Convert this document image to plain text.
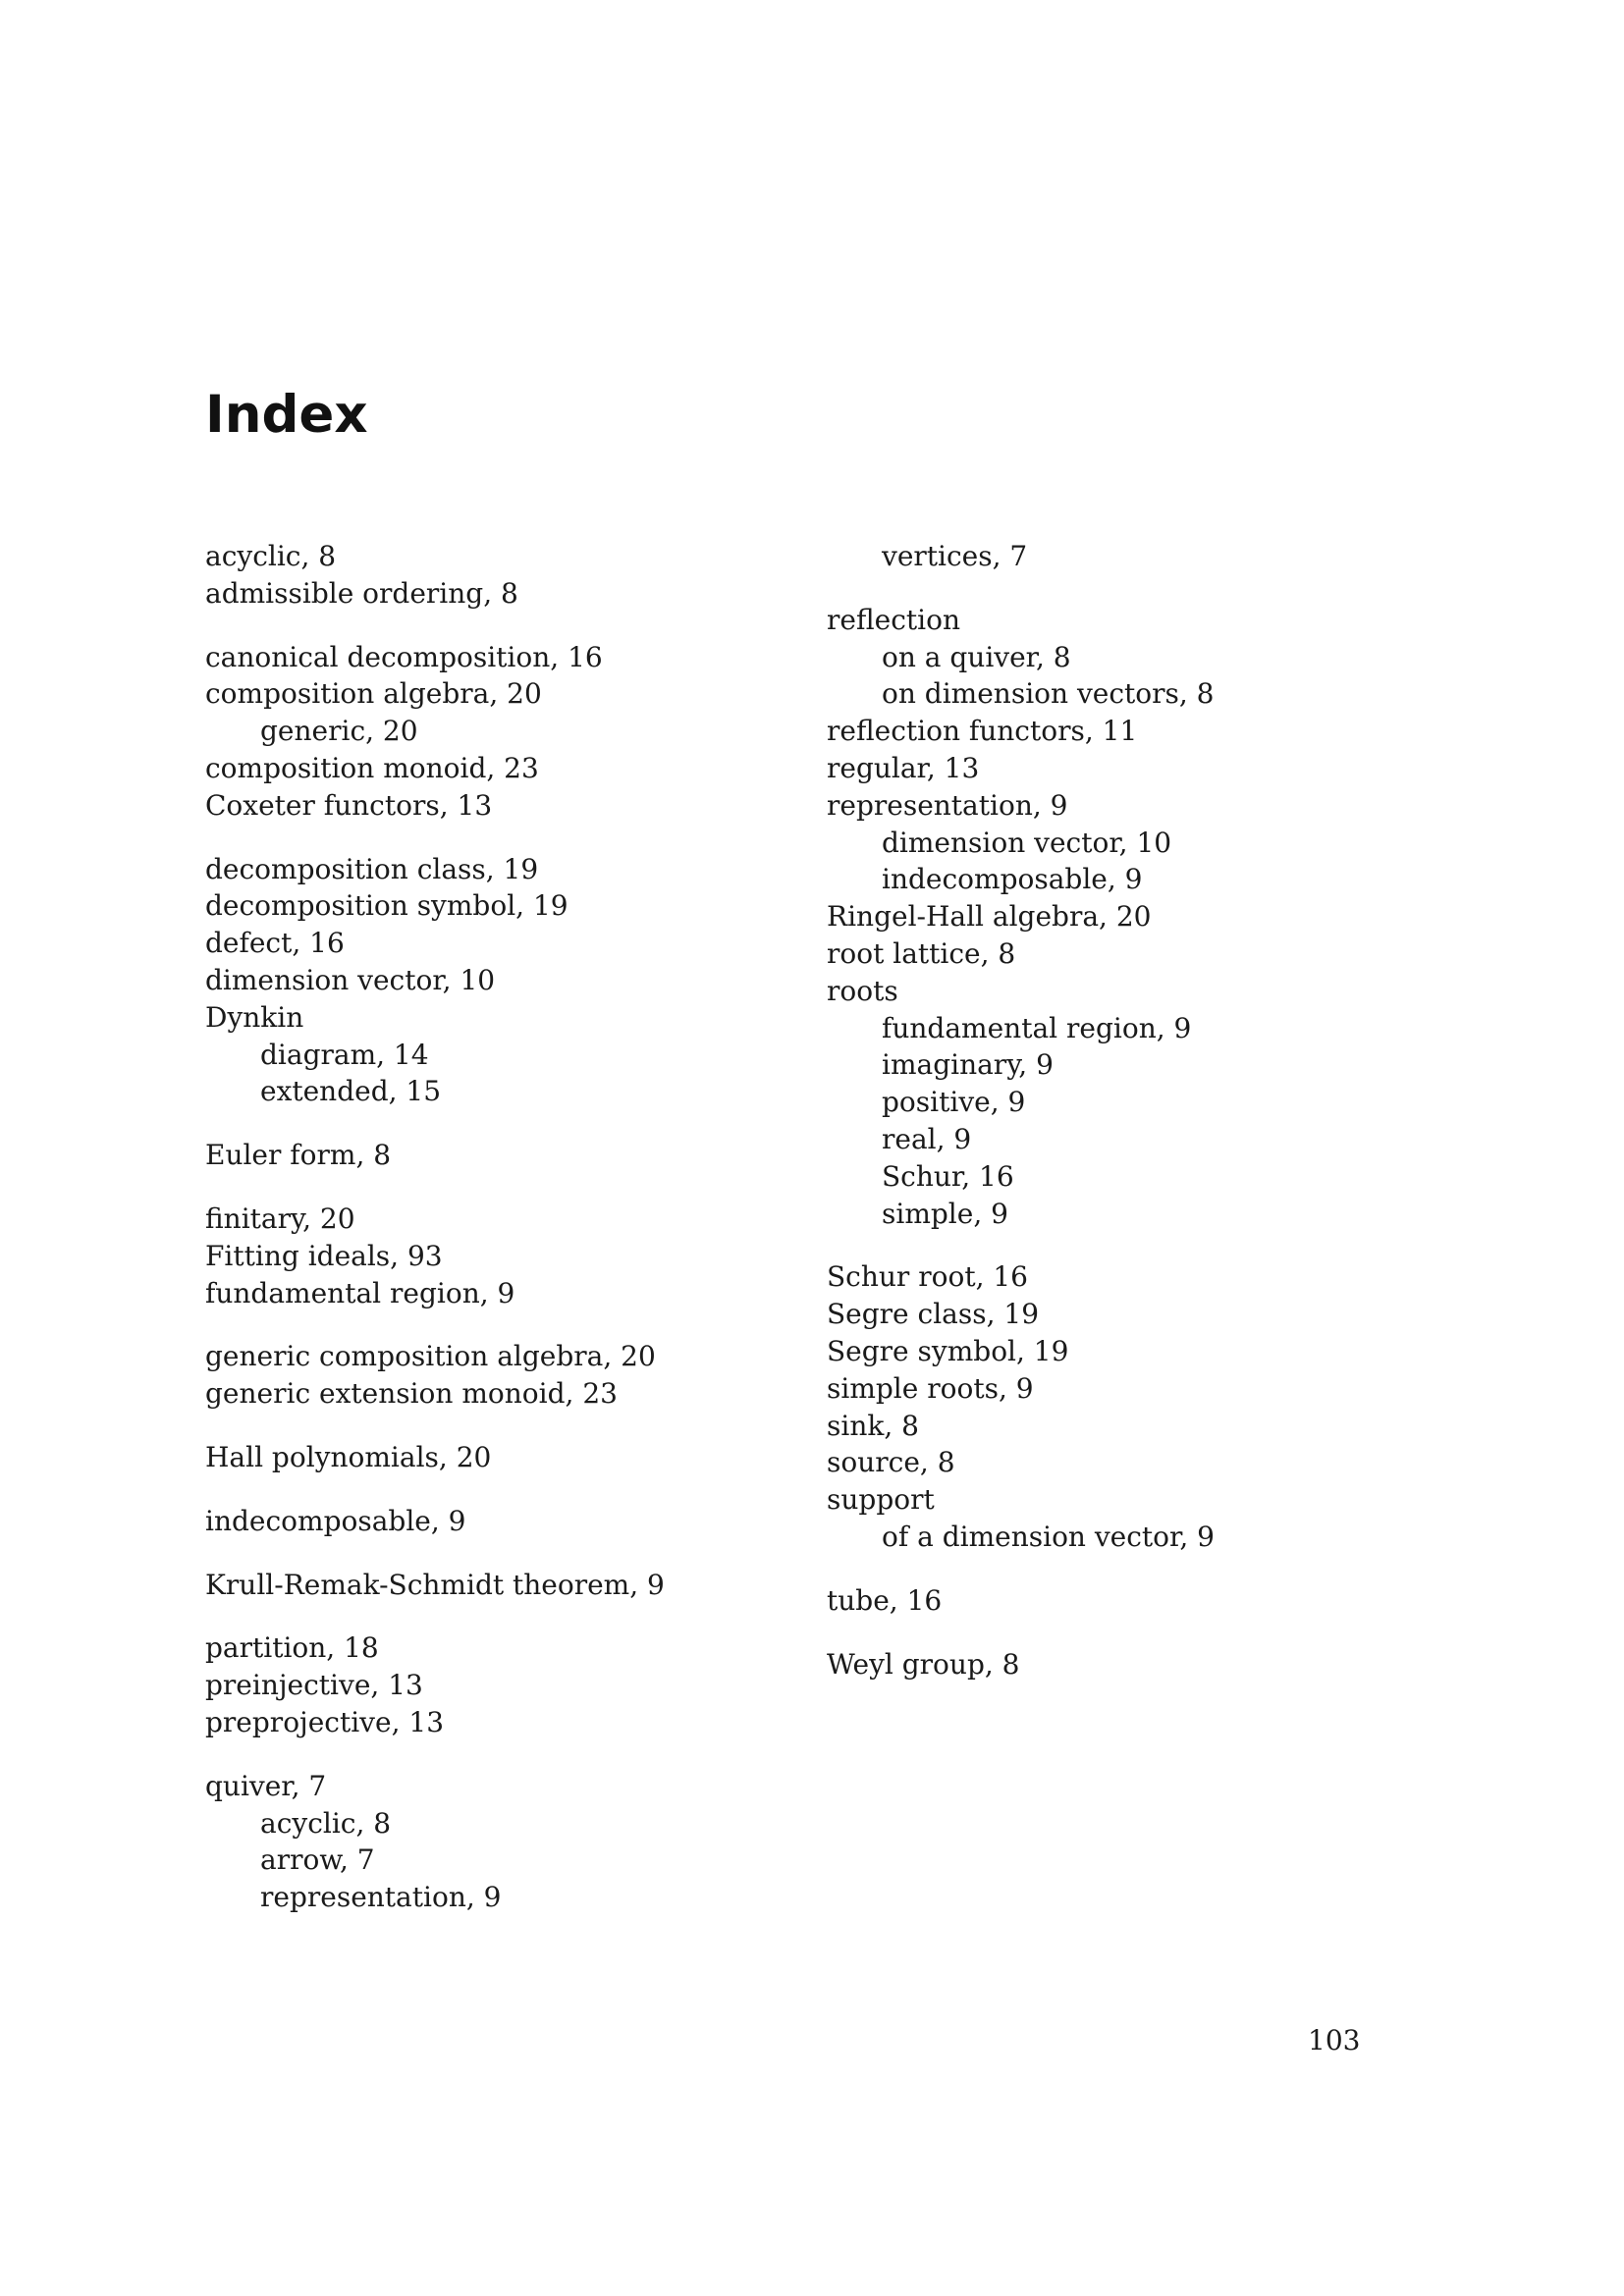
Index
acyclic, 8
admissible ordering, 8
canonical decomposition, 16
composition algebra, 20
generic, 20
composition monoid, 23
Coxeter functors, 13
decomposition class, 19
decomposition symbol, 19
defect, 16
dimension vector, 10
Dynkin
diagram, 14
extended, 15
Euler form, 8
finitary, 20
Fitting ideals, 93
fundamental region, 9
generic composition algebra, 20
generic extension monoid, 23
Hall polynomials, 20
indecomposable, 9
Krull-Remak-Schmidt theorem, 9
partition, 18
preinjective, 13
preprojective, 13
quiver, 7
acyclic, 8
arrow, 7
representation, 9
vertices, 7
reflection
on a quiver, 8
on dimension vectors, 8
reflection functors, 11
regular, 13
representation, 9
dimension vector, 10
indecomposable, 9
Ringel-Hall algebra, 20
root lattice, 8
roots
fundamental region, 9
imaginary, 9
positive, 9
real, 9
Schur, 16
simple, 9
Schur root, 16
Segre class, 19
Segre symbol, 19
simple roots, 9
sink, 8
source, 8
support
of a dimension vector, 9
tube, 16
Weyl group, 8
103
